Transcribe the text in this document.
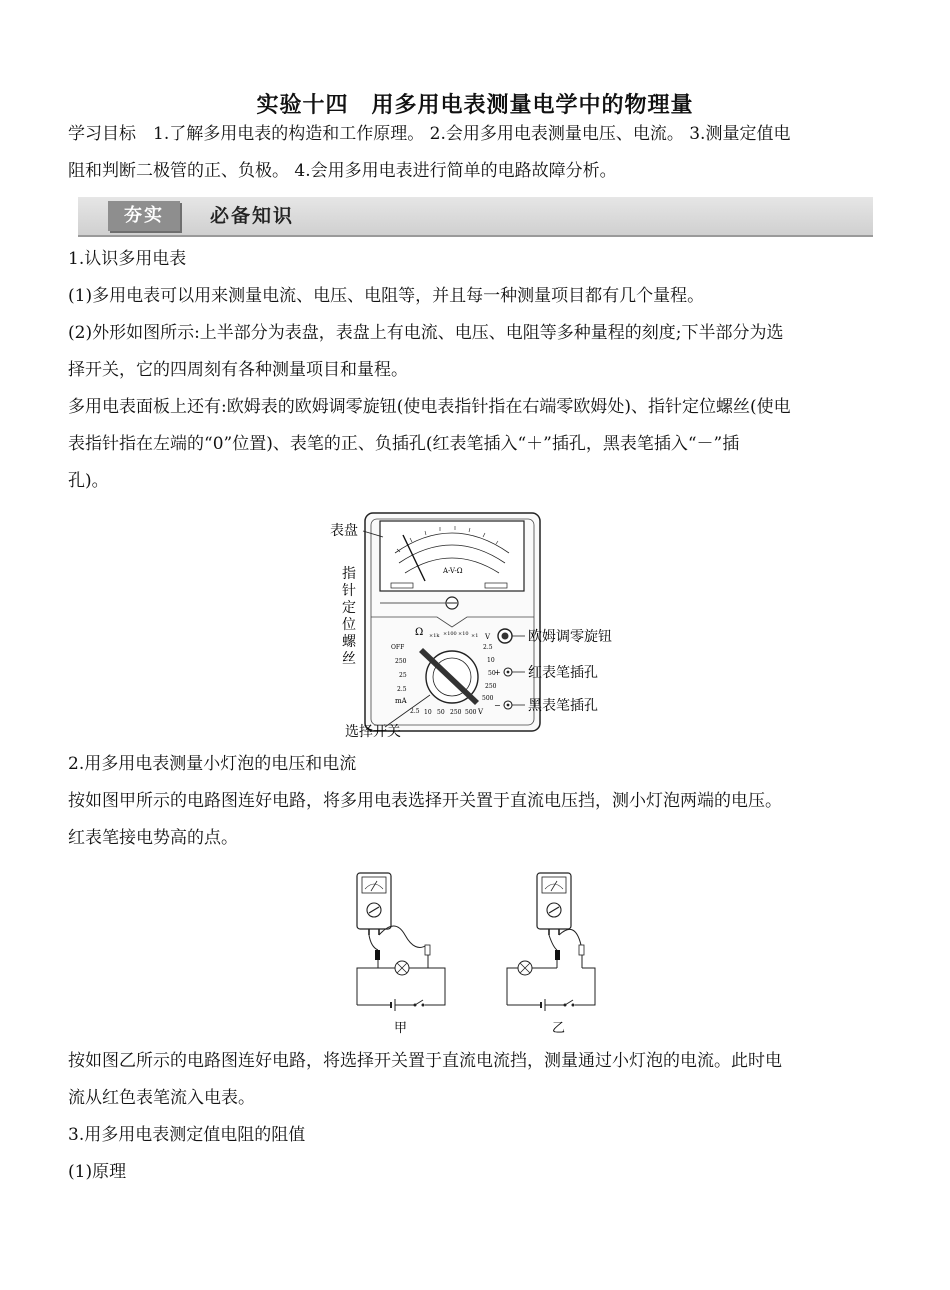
实验十四　用多用电表测量电学中的物理量
学习目标　1.了解多用电表的构造和工作原理。 2.会用多用电表测量电压、电流。 3.测量定值电
阻和判断二极管的正、负极。 4.会用多用电表进行简单的电路故障分析。
夯实	必备知识
1.认识多用电表
(1)多用电表可以用来测量电流、电压、电阻等，并且每一种测量项目都有几个量程。
(2)外形如图所示:上半部分为表盘，表盘上有电流、电压、电阻等多种量程的刻度;下半部分为选
择开关，它的四周刻有各种测量项目和量程。
多用电表面板上还有:欧姆表的欧姆调零旋钮(使电表指针指在右端零欧姆处)、指针定位螺丝(使电
表指针指在左端的“0”位置)、表笔的正、负插孔(红表笔插入“＋”插孔，黑表笔插入“－”插
孔)。
A-V-Ω
Ω ×1k ×100 ×10 ×1
OFF
250
25
2.5
mA
2.5
10
50
250
500
2.5 10 50 250 500 V
V
+
−
表盘
指
针
定
位
螺
丝
欧姆调零旋钮
红表笔插孔
黑表笔插孔
选择开关
2.用多用电表测量小灯泡的电压和电流
按如图甲所示的电路图连好电路，将多用电表选择开关置于直流电压挡，测小灯泡两端的电压。
红表笔接电势高的点。
甲	乙
按如图乙所示的电路图连好电路，将选择开关置于直流电流挡，测量通过小灯泡的电流。此时电
流从红色表笔流入电表。
3.用多用电表测定值电阻的阻值
(1)原理
